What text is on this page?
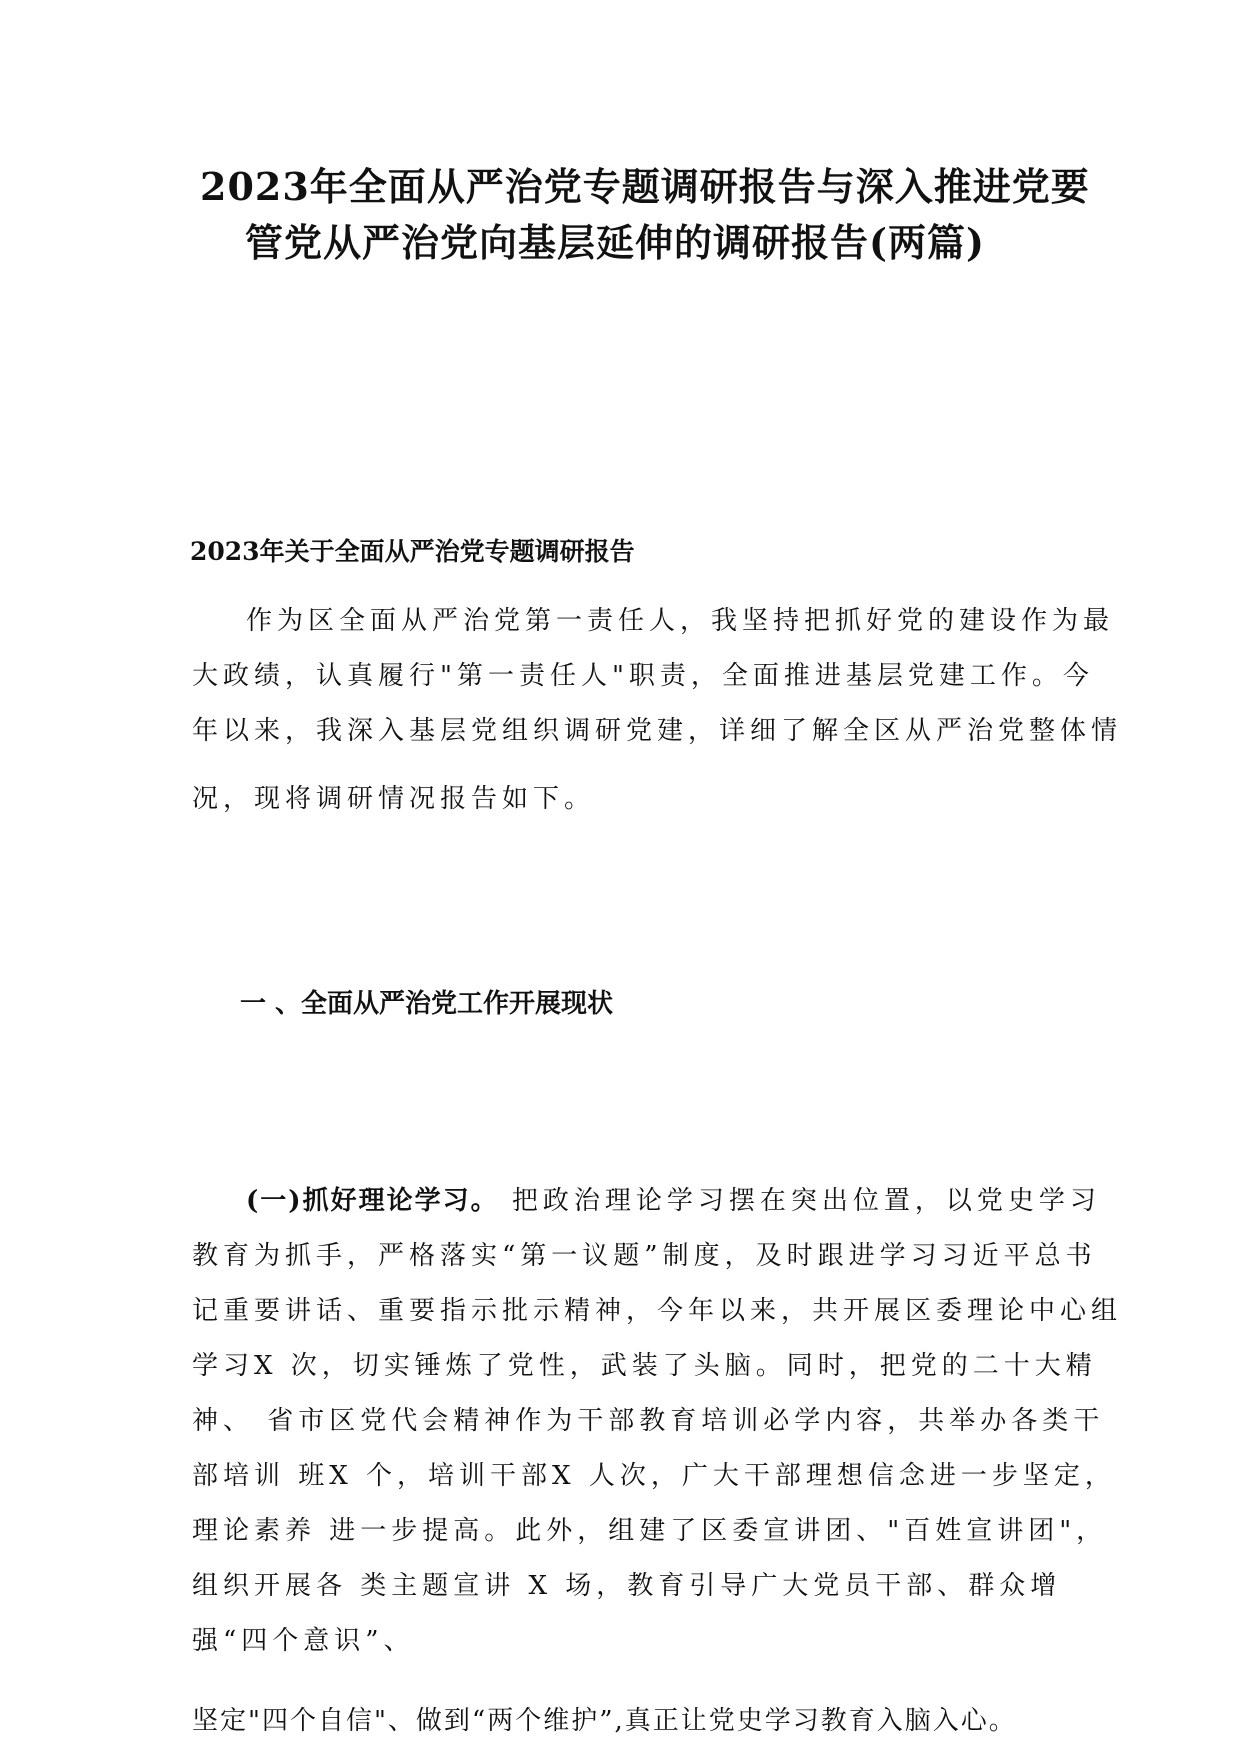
2023年全面从严治党专题调研报告与深入推进党要
管党从严治党向基层延伸的调研报告(两篇)
2023年关于全面从严治党专题调研报告
作为区全面从严治党第一责任人，我坚持把抓好党的建设作为最
大政绩，认真履行"第一责任人"职责，全面推进基层党建工作。今
年以来，我深入基层党组织调研党建，详细了解全区从严治党整体情
况，现将调研情况报告如下。
一 、全面从严治党工作开展现状
(一)抓好理论学习。 把政治理论学习摆在突出位置，以党史学习
教育为抓手，严格落实“第一议题”制度，及时跟进学习习近平总书
记重要讲话、重要指示批示精神，今年以来，共开展区委理论中心组
学习X 次，切实锤炼了党性，武装了头脑。同时，把党的二十大精
神、 省市区党代会精神作为干部教育培训必学内容，共举办各类干
部培训 班X 个，培训干部X 人次，广大干部理想信念进一步坚定，
理论素养 进一步提高。此外，组建了区委宣讲团、"百姓宣讲团"，
组织开展各 类主题宣讲 X 场，教育引导广大党员干部、群众增
强“四个意识”、
坚定"四个自信"、做到“两个维护”,真正让党史学习教育入脑入心。
